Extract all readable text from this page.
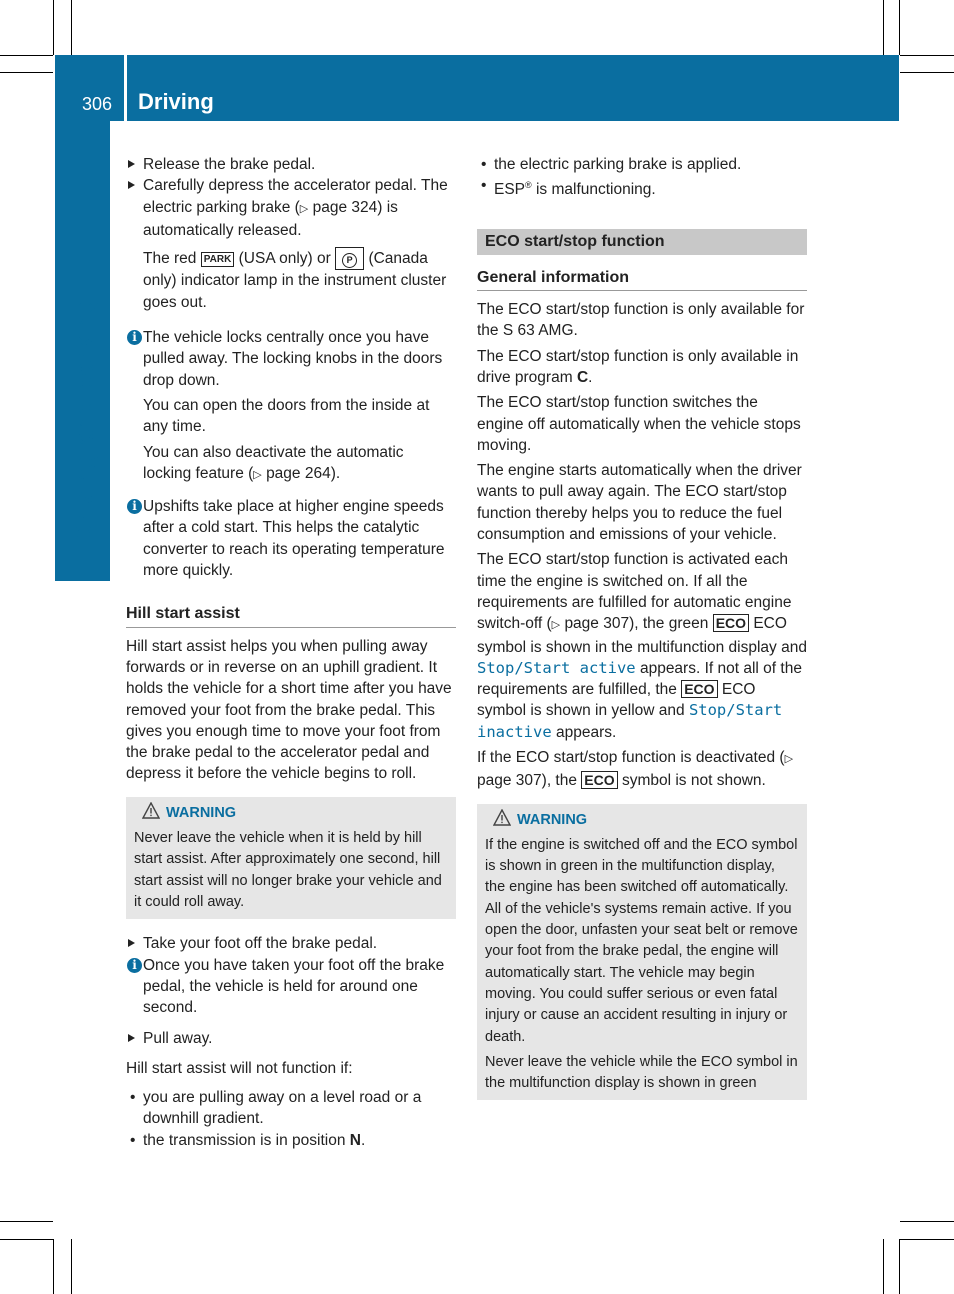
306 Driving
Driving and parking

Release the brake pedal.

Carefully depress the accelerator pedal. The electric parking brake (▷ page 324) is automatically released.

The red PARK (USA only) or P (Canada only) indicator lamp in the instrument cluster goes out.

i The vehicle locks centrally once you have pulled away. The locking knobs in the doors drop down.

You can open the doors from the inside at any time.

You can also deactivate the automatic locking feature (▷ page 264).

i Upshifts take place at higher engine speeds after a cold start. This helps the catalytic converter to reach its operating temperature more quickly.

Hill start assist

Hill start assist helps you when pulling away forwards or in reverse on an uphill gradient. It holds the vehicle for a short time after you have removed your foot from the brake pedal. This gives you enough time to move your foot from the brake pedal to the accelerator pedal and depress it before the vehicle begins to roll.

WARNING

Never leave the vehicle when it is held by hill start assist. After approximately one second, hill start assist will no longer brake your vehicle and it could roll away.

Take your foot off the brake pedal.

i Once you have taken your foot off the brake pedal, the vehicle is held for around one second.

Pull away.

Hill start assist will not function if:

• you are pulling away on a level road or a downhill gradient.

• the transmission is in position N.

• the electric parking brake is applied.

• ESP® is malfunctioning.

ECO start/stop function
General information

The ECO start/stop function is only available for the S 63 AMG.

The ECO start/stop function is only available in drive program C.

The ECO start/stop function switches the engine off automatically when the vehicle stops moving.

The engine starts automatically when the driver wants to pull away again. The ECO start/stop function thereby helps you to reduce the fuel consumption and emissions of your vehicle.

The ECO start/stop function is activated each time the engine is switched on. If all the requirements are fulfilled for automatic engine switch-off (▷ page 307), the green ECO ECO symbol is shown in the multifunction display and Stop/Start active appears. If not all of the requirements are fulfilled, the ECO ECO symbol is shown in yellow and Stop/Start inactive appears.

If the ECO start/stop function is deactivated (▷ page 307), the ECO symbol is not shown.

WARNING

If the engine is switched off and the ECO symbol is shown in green in the multifunction display, the engine has been switched off automatically. All of the vehicle's systems remain active. If you open the door, unfasten your seat belt or remove your foot from the brake pedal, the engine will automatically start. The vehicle may begin moving. You could suffer serious or even fatal injury or cause an accident resulting in injury or death.

Never leave the vehicle while the ECO symbol in the multifunction display is shown in green
